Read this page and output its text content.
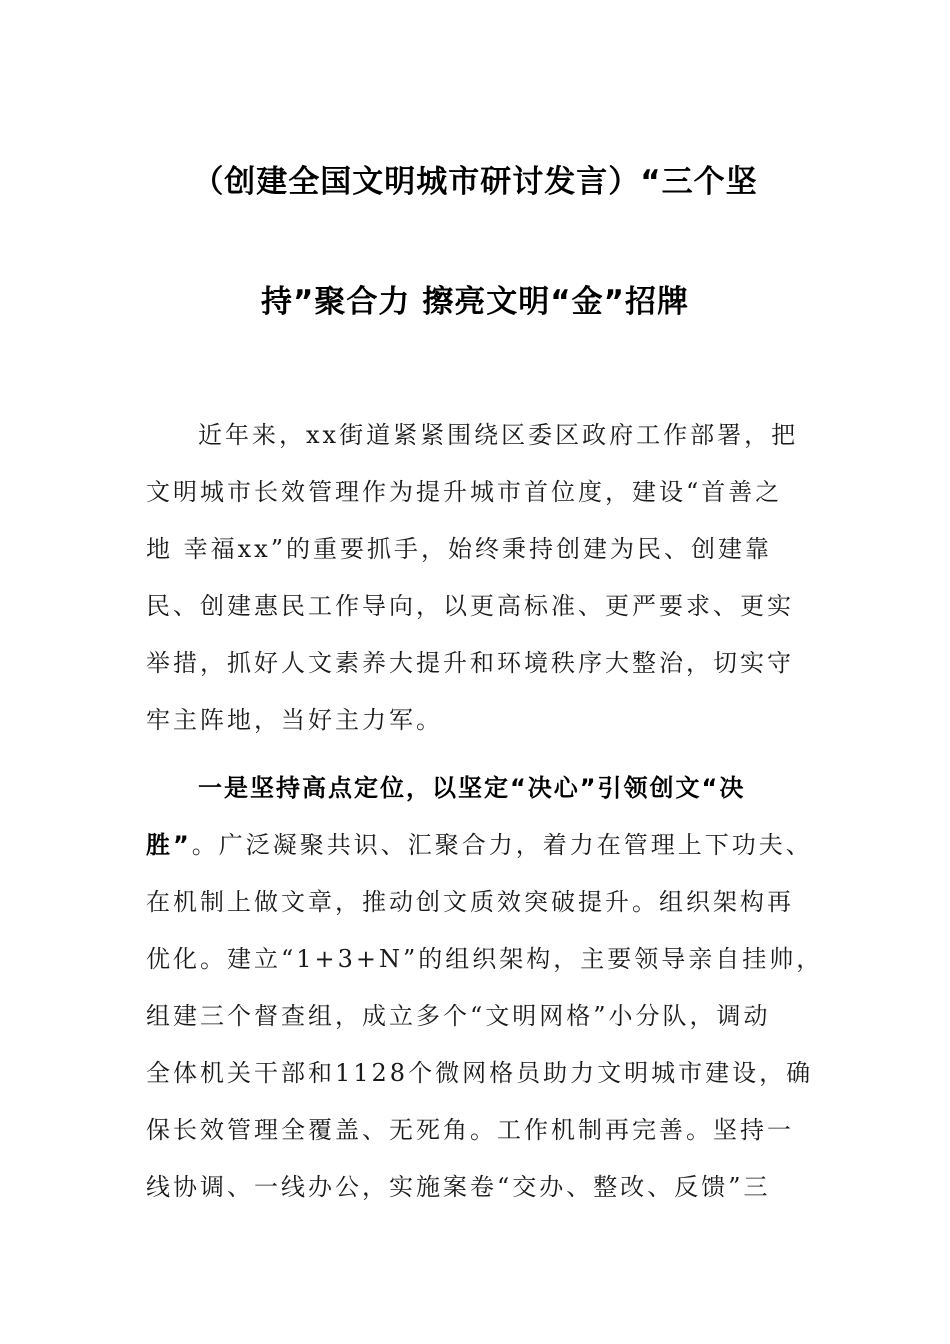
（创建全国文明城市研讨发言）“三个坚
持”聚合力 擦亮文明“金”招牌
近年来，xx街道紧紧围绕区委区政府工作部署，把
文明城市长效管理作为提升城市首位度，建设“首善之
地 幸福xx”的重要抓手，始终秉持创建为民、创建靠
民、创建惠民工作导向，以更高标准、更严要求、更实
举措，抓好人文素养大提升和环境秩序大整治，切实守
牢主阵地，当好主力军。
一是坚持高点定位，以坚定“决心”引领创文“决
胜”。广泛凝聚共识、汇聚合力，着力在管理上下功夫、
在机制上做文章，推动创文质效突破提升。组织架构再
优化。建立“1+3+N”的组织架构，主要领导亲自挂帅，
组建三个督查组，成立多个“文明网格”小分队，调动
全体机关干部和1128个微网格员助力文明城市建设，确
保长效管理全覆盖、无死角。工作机制再完善。坚持一
线协调、一线办公，实施案卷“交办、整改、反馈”三
